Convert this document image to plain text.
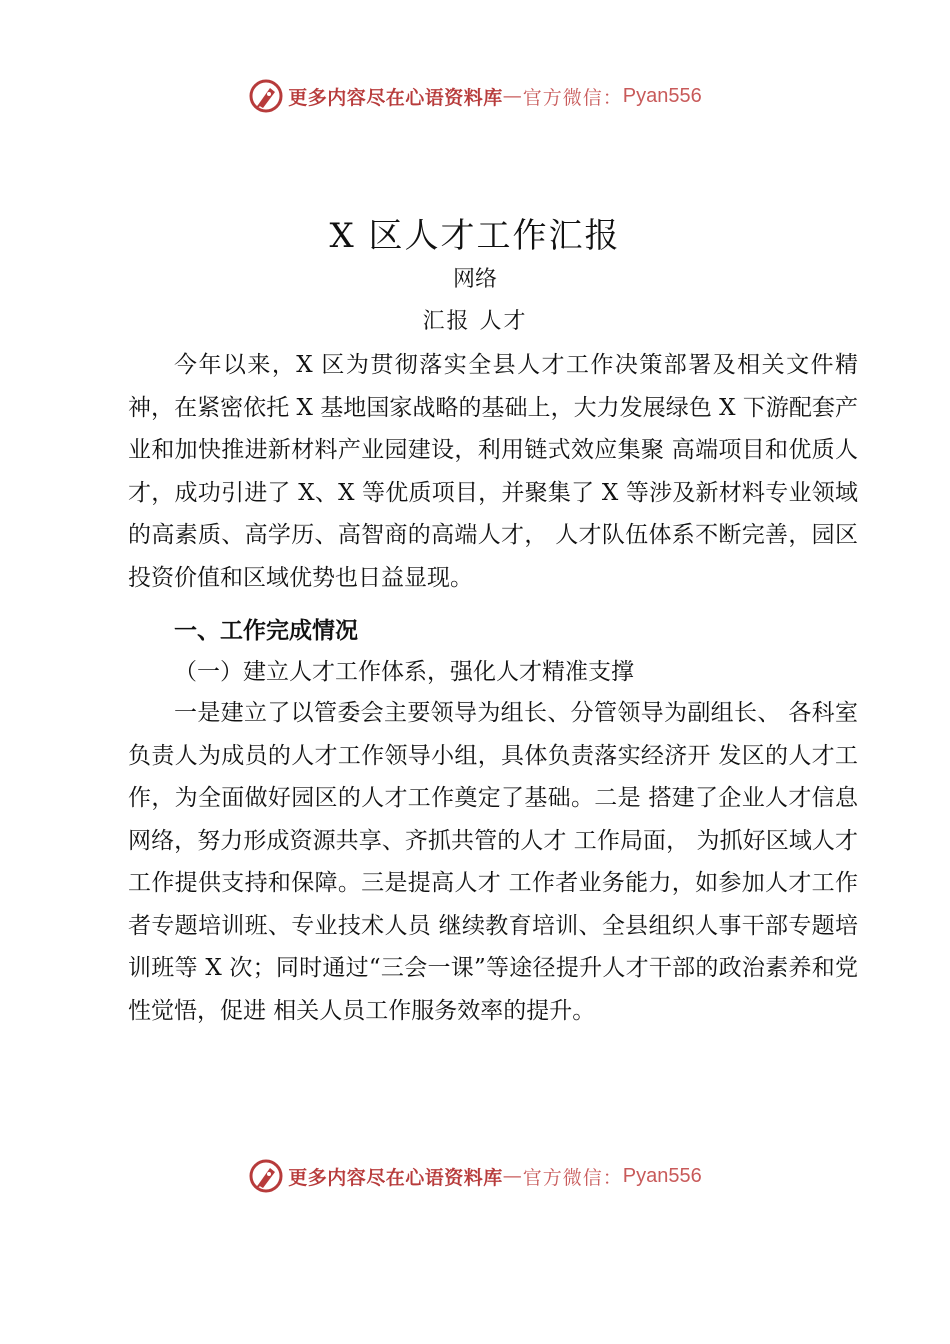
更多内容尽在心语资料库 — 官方微信： Pyan556
X 区人才工作汇报
网络
汇报 人才

今年以来，X 区为贯彻落实全县人才工作决策部署及相关文件精神，在紧密依托 X 基地国家战略的基础上，大力发展绿色 X 下游配套产业和加快推进新材料产业园建设，利用链式效应集聚 高端项目和优质人才，成功引进了 X、X 等优质项目，并聚集了 X 等涉及新材料专业领域的高素质、高学历、高智商的高端人才， 人才队伍体系不断完善，园区投资价值和区域优势也日益显现。

一、工作完成情况
（一）建立人才工作体系，强化人才精准支撑

一是建立了以管委会主要领导为组长、分管领导为副组长、 各科室负责人为成员的人才工作领导小组，具体负责落实经济开 发区的人才工作，为全面做好园区的人才工作奠定了基础。二是 搭建了企业人才信息网络，努力形成资源共享、齐抓共管的人才 工作局面， 为抓好区域人才工作提供支持和保障。三是提高人才 工作者业务能力，如参加人才工作者专题培训班、专业技术人员 继续教育培训、全县组织人事干部专题培训班等 X 次；同时通过“三会一课”等途径提升人才干部的政治素养和党性觉悟，促进 相关人员工作服务效率的提升。

更多内容尽在心语资料库 — 官方微信： Pyan556
